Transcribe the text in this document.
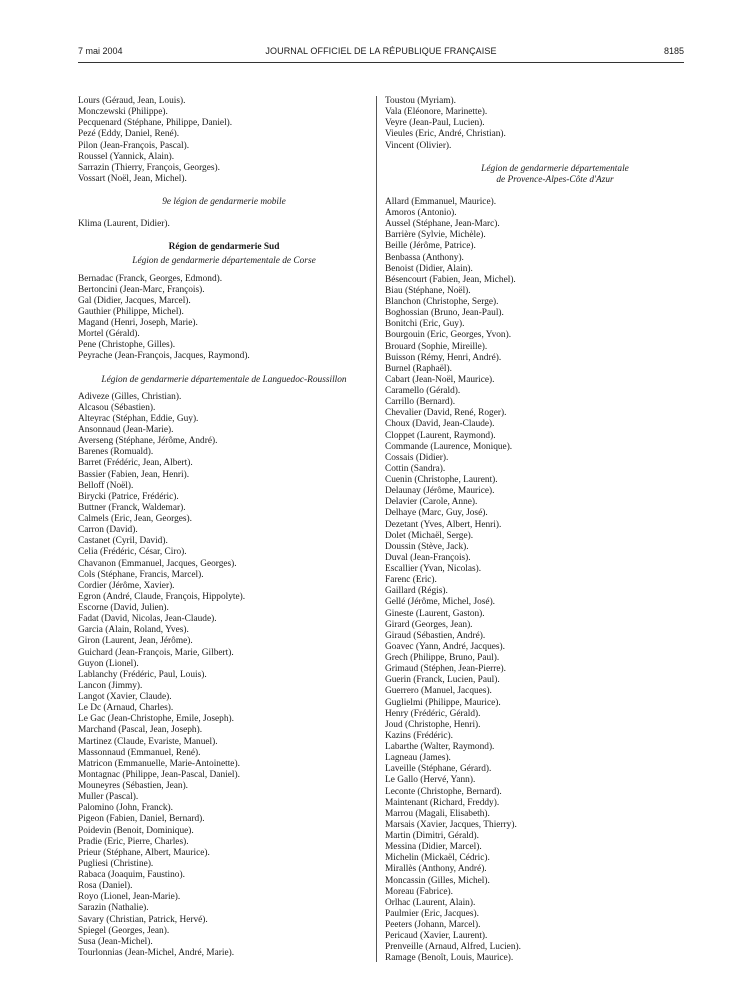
7 mai 2004	JOURNAL OFFICIEL DE LA RÉPUBLIQUE FRANÇAISE	8185
Lours (Géraud, Jean, Louis).
Monczewski (Philippe).
Pecquenard (Stéphane, Philippe, Daniel).
Pezé (Eddy, Daniel, René).
Pilon (Jean-François, Pascal).
Roussel (Yannick, Alain).
Sarrazin (Thierry, François, Georges).
Vossart (Noël, Jean, Michel).
9e légion de gendarmerie mobile
Klima (Laurent, Didier).
Région de gendarmerie Sud
Légion de gendarmerie départementale de Corse
Bernadac (Franck, Georges, Edmond).
Bertoncini (Jean-Marc, François).
Gal (Didier, Jacques, Marcel).
Gauthier (Philippe, Michel).
Magand (Henri, Joseph, Marie).
Mortel (Gérald).
Pene (Christophe, Gilles).
Peyrache (Jean-François, Jacques, Raymond).
Légion de gendarmerie départementale de Languedoc-Roussillon
Adiveze (Gilles, Christian).
Alcasou (Sébastien).
Alteyrac (Stéphan, Eddie, Guy).
Ansonnaud (Jean-Marie).
Averseng (Stéphane, Jérôme, André).
Barenes (Romuald).
Barret (Frédéric, Jean, Albert).
Bassier (Fabien, Jean, Henri).
Belloff (Noël).
Birycki (Patrice, Frédéric).
Buttner (Franck, Waldemar).
Calmels (Eric, Jean, Georges).
Carron (David).
Castanet (Cyril, David).
Celia (Frédéric, César, Ciro).
Chavanon (Emmanuel, Jacques, Georges).
Cols (Stéphane, Francis, Marcel).
Cordier (Jérôme, Xavier).
Egron (André, Claude, François, Hippolyte).
Escorne (David, Julien).
Fadat (David, Nicolas, Jean-Claude).
Garcia (Alain, Roland, Yves).
Giron (Laurent, Jean, Jérôme).
Guichard (Jean-François, Marie, Gilbert).
Guyon (Lionel).
Lablanchy (Frédéric, Paul, Louis).
Lancon (Jimmy).
Langot (Xavier, Claude).
Le Dc (Arnaud, Charles).
Le Gac (Jean-Christophe, Emile, Joseph).
Marchand (Pascal, Jean, Joseph).
Martinez (Claude, Evariste, Manuel).
Massonnaud (Emmanuel, René).
Matricon (Emmanuelle, Marie-Antoinette).
Montagnac (Philippe, Jean-Pascal, Daniel).
Mouneyres (Sébastien, Jean).
Muller (Pascal).
Palomino (John, Franck).
Pigeon (Fabien, Daniel, Bernard).
Poidevin (Benoit, Dominique).
Pradie (Eric, Pierre, Charles).
Prieur (Stéphane, Albert, Maurice).
Pugliesi (Christine).
Rabaca (Joaquim, Faustino).
Rosa (Daniel).
Royo (Lionel, Jean-Marie).
Sarazin (Nathalie).
Savary (Christian, Patrick, Hervé).
Spiegel (Georges, Jean).
Susa (Jean-Michel).
Tourlonnias (Jean-Michel, André, Marie).
Toustou (Myriam).
Vala (Eléonore, Marinette).
Veyre (Jean-Paul, Lucien).
Vieules (Eric, André, Christian).
Vincent (Olivier).
Légion de gendarmerie départementale
de Provence-Alpes-Côte d'Azur
Allard (Emmanuel, Maurice).
Amoros (Antonio).
Aussel (Stéphane, Jean-Marc).
Barrière (Sylvie, Michèle).
Beille (Jérôme, Patrice).
Benbassa (Anthony).
Benoist (Didier, Alain).
Bésencourt (Fabien, Jean, Michel).
Biau (Stéphane, Noël).
Blanchon (Christophe, Serge).
Boghossian (Bruno, Jean-Paul).
Bonitchi (Eric, Guy).
Bourgouin (Eric, Georges, Yvon).
Brouard (Sophie, Mireille).
Buisson (Rémy, Henri, André).
Burnel (Raphaël).
Cabart (Jean-Noël, Maurice).
Caramello (Gérald).
Carrillo (Bernard).
Chevalier (David, René, Roger).
Choux (David, Jean-Claude).
Cloppet (Laurent, Raymond).
Commande (Laurence, Monique).
Cossais (Didier).
Cottin (Sandra).
Cuenin (Christophe, Laurent).
Delaunay (Jérôme, Maurice).
Delavier (Carole, Anne).
Delhaye (Marc, Guy, José).
Dezetant (Yves, Albert, Henri).
Dolet (Michaël, Serge).
Doussin (Stève, Jack).
Duval (Jean-François).
Escallier (Yvan, Nicolas).
Farenc (Eric).
Gaillard (Régis).
Gellé (Jérôme, Michel, José).
Gineste (Laurent, Gaston).
Girard (Georges, Jean).
Giraud (Sébastien, André).
Goavec (Yann, André, Jacques).
Grech (Philippe, Bruno, Paul).
Grimaud (Stéphen, Jean-Pierre).
Guerin (Franck, Lucien, Paul).
Guerrero (Manuel, Jacques).
Guglielmi (Philippe, Maurice).
Henry (Frédéric, Gérald).
Joud (Christophe, Henri).
Kazins (Frédéric).
Labarthe (Walter, Raymond).
Lagneau (James).
Laveille (Stéphane, Gérard).
Le Gallo (Hervé, Yann).
Leconte (Christophe, Bernard).
Maintenant (Richard, Freddy).
Marrou (Magali, Elisabeth).
Marsais (Xavier, Jacques, Thierry).
Martin (Dimitri, Gérald).
Messina (Didier, Marcel).
Michelin (Mickaël, Cédric).
Mirallès (Anthony, André).
Moncassin (Gilles, Michel).
Moreau (Fabrice).
Orlhac (Laurent, Alain).
Paulmier (Eric, Jacques).
Peeters (Johann, Marcel).
Pericaud (Xavier, Laurent).
Prenveille (Arnaud, Alfred, Lucien).
Ramage (Benoît, Louis, Maurice).
